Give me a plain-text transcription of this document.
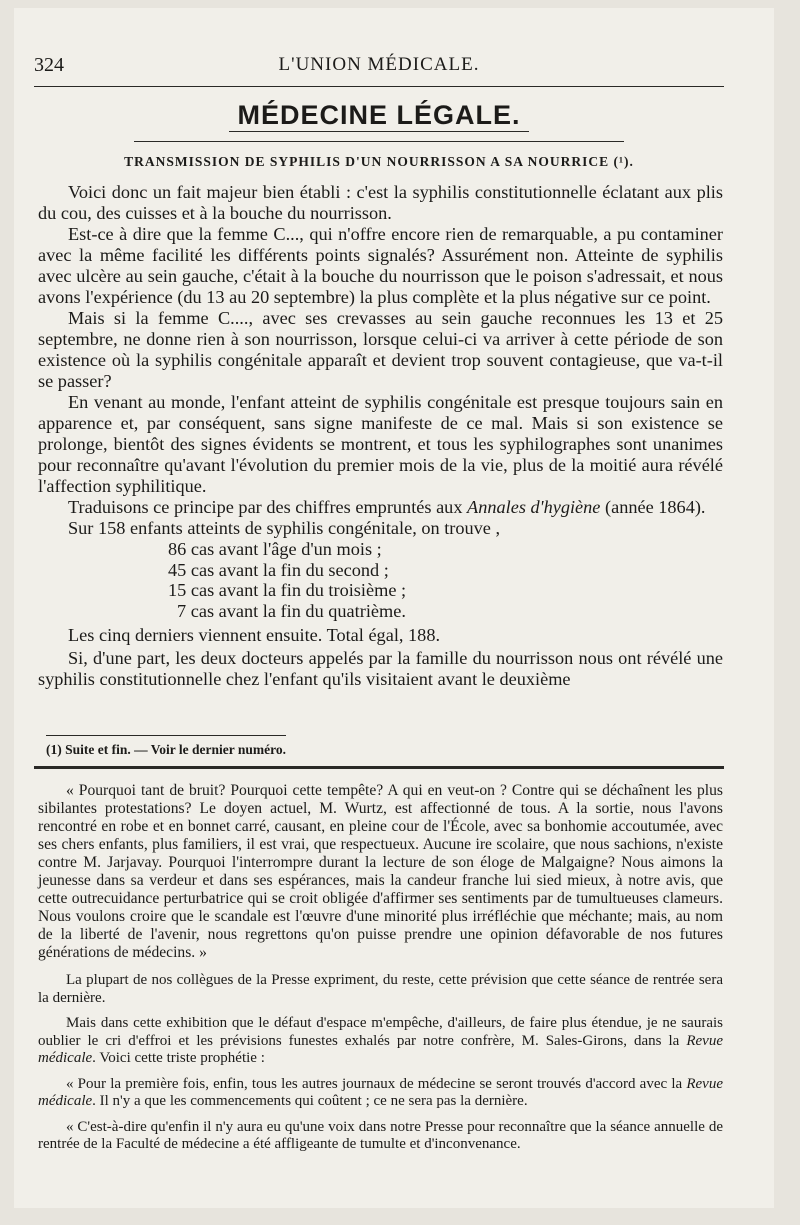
324	L'UNION MÉDICALE.
MÉDECINE LÉGALE.
TRANSMISSION DE SYPHILIS D'UN NOURRISSON A SA NOURRICE (¹).

Voici donc un fait majeur bien établi : c'est la syphilis constitutionnelle éclatant aux plis du cou, des cuisses et à la bouche du nourrisson.

Est-ce à dire que la femme C..., qui n'offre encore rien de remarquable, a pu contaminer avec la même facilité les différents points signalés? Assurément non. Atteinte de syphilis avec ulcère au sein gauche, c'était à la bouche du nourrisson que le poison s'adressait, et nous avons l'expérience (du 13 au 20 septembre) la plus complète et la plus négative sur ce point.

Mais si la femme C...., avec ses crevasses au sein gauche reconnues les 13 et 25 septembre, ne donne rien à son nourrisson, lorsque celui-ci va arriver à cette période de son existence où la syphilis congénitale apparaît et devient trop souvent contagieuse, que va-t-il se passer?

En venant au monde, l'enfant atteint de syphilis congénitale est presque toujours sain en apparence et, par conséquent, sans signe manifeste de ce mal. Mais si son existence se prolonge, bientôt des signes évidents se montrent, et tous les syphilographes sont unanimes pour reconnaître qu'avant l'évolution du premier mois de la vie, plus de la moitié aura révélé l'affection syphilitique.

Traduisons ce principe par des chiffres empruntés aux Annales d'hygiène (année 1864).

Sur 158 enfants atteints de syphilis congénitale, on trouve ,

86 cas avant l'âge d'un mois ;
45 cas avant la fin du second ;
15 cas avant la fin du troisième ;
7 cas avant la fin du quatrième.

Les cinq derniers viennent ensuite. Total égal, 188.

Si, d'une part, les deux docteurs appelés par la famille du nourrisson nous ont révélé une syphilis constitutionnelle chez l'enfant qu'ils visitaient avant le deuxième

(1) Suite et fin. — Voir le dernier numéro.

« Pourquoi tant de bruit? Pourquoi cette tempête? A qui en veut-on ? Contre qui se déchaînent les plus sibilantes protestations? Le doyen actuel, M. Wurtz, est affectionné de tous. A la sortie, nous l'avons rencontré en robe et en bonnet carré, causant, en pleine cour de l'École, avec sa bonhomie accoutumée, avec ses chers enfants, plus familiers, il est vrai, que respectueux. Aucune ire scolaire, que nous sachions, n'existe contre M. Jarjavay. Pourquoi l'interrompre durant la lecture de son éloge de Malgaigne? Nous aimons la jeunesse dans sa verdeur et dans ses espérances, mais la candeur franche lui sied mieux, à notre avis, que cette outrecuidance perturbatrice qui se croit obligée d'affirmer ses sentiments par de tumultueuses clameurs. Nous voulons croire que le scandale est l'œuvre d'une minorité plus irréfléchie que méchante; mais, au nom de la liberté de l'avenir, nous regrettons qu'on puisse prendre une opinion défavorable de nos futures générations de médecins. »

La plupart de nos collègues de la Presse expriment, du reste, cette prévision que cette séance de rentrée sera la dernière.

Mais dans cette exhibition que le défaut d'espace m'empêche, d'ailleurs, de faire plus étendue, je ne saurais oublier le cri d'effroi et les prévisions funestes exhalés par notre confrère, M. Sales-Girons, dans la Revue médicale. Voici cette triste prophétie :

« Pour la première fois, enfin, tous les autres journaux de médecine se seront trouvés d'accord avec la Revue médicale. Il n'y a que les commencements qui coûtent ; ce ne sera pas la dernière.

« C'est-à-dire qu'enfin il n'y aura eu qu'une voix dans notre Presse pour reconnaître que la séance annuelle de rentrée de la Faculté de médecine a été affligeante de tumulte et d'inconvenance.
